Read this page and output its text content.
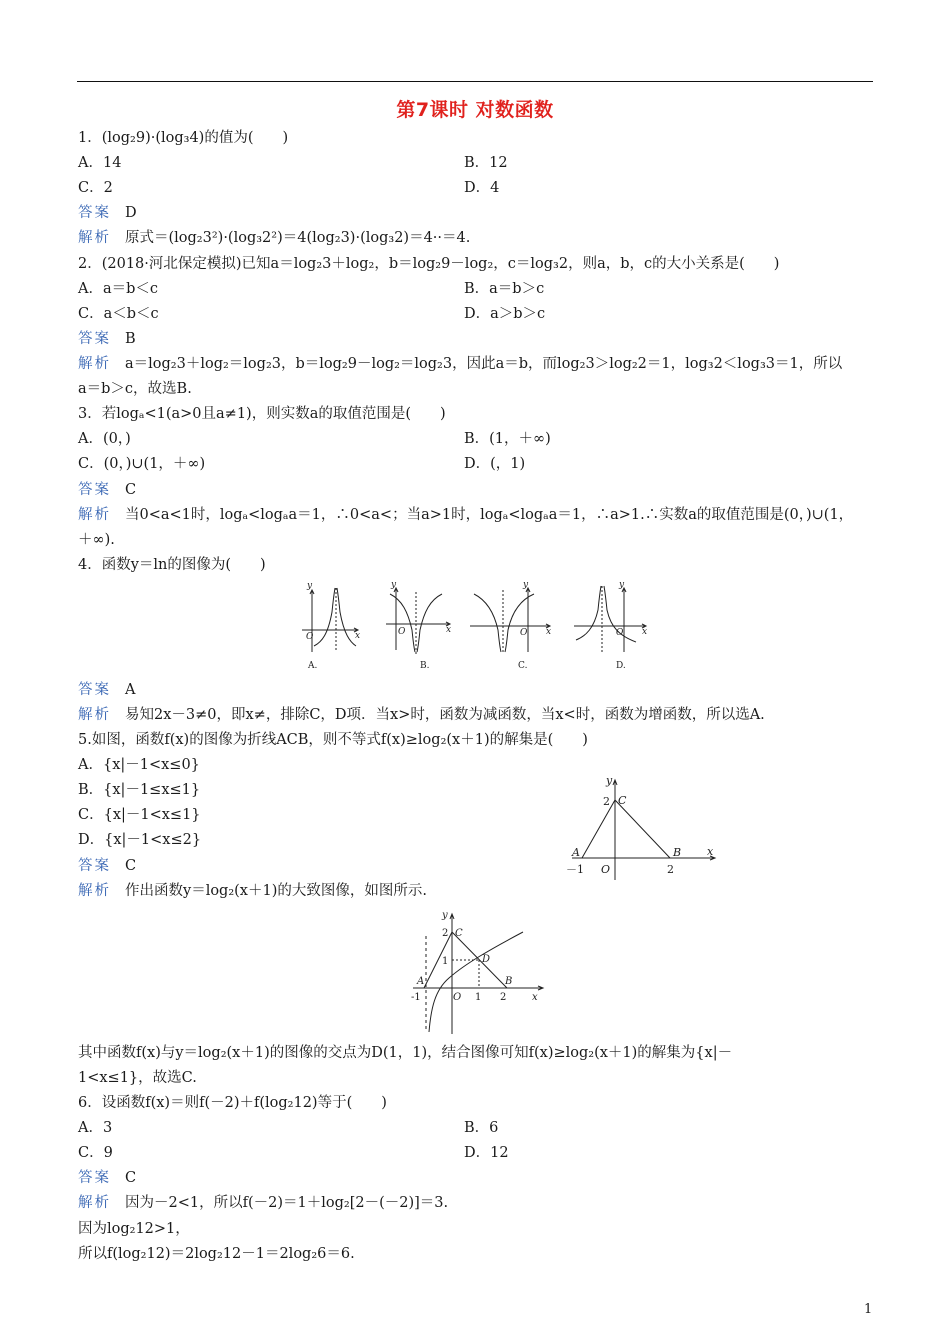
第7课时 对数函数
1．(log₂9)·(log₃4)的值为(　　)
A．14	B．12
C．2	D．4
答案 D
解析 原式＝(log₂3²)·(log₃2²)＝4(log₂3)·(log₃2)＝4··＝4.
2．(2018·河北保定模拟)已知a＝log₂3＋log₂，b＝log₂9－log₂，c＝log₃2，则a，b，c的大小关系是(　　)
A．a＝b＜c	B．a＝b＞c
C．a＜b＜c	D．a＞b＞c
答案 B
解析 a＝log₂3＋log₂＝log₂3，b＝log₂9－log₂＝log₂3，因此a＝b，而log₂3＞log₂2＝1，log₃2＜log₃3＝1，所以
a＝b＞c，故选B.
3．若logₐ<1(a>0且a≠1)，则实数a的取值范围是(　　)
A．(0，)	B．(1，＋∞)
C．(0，)∪(1，＋∞)	D．(，1)
答案 C
解析 当0<a<1时，logₐ<logₐa＝1，∴0<a<；当a>1时，logₐ<logₐa＝1，∴a>1.∴实数a的取值范围是(0，)∪(1，
＋∞).
4．函数y＝ln的图像为(　　)
y
x
O
y
x
O
y
x
O
y
x
O
A.	B.	C.	D.
答案 A
解析 易知2x－3≠0，即x≠，排除C，D项．当x>时，函数为减函数，当x<时，函数为增函数，所以选A.
5.如图，函数f(x)的图像为折线ACB，则不等式f(x)≥log₂(x＋1)的解集是(　　)
A．{x|－1<x≤0}
B．{x|－1≤x≤1}
C．{x|－1<x≤1}
D．{x|－1<x≤2}
答案 C
解析 作出函数y＝log₂(x＋1)的大致图像，如图所示.
y
x
C
2
A	B
－1 O	2
y
x
C
2
1	D
A	B
-1	O 1 2
其中函数f(x)与y＝log₂(x＋1)的图像的交点为D(1，1)，结合图像可知f(x)≥log₂(x＋1)的解集为{x|－
1<x≤1}，故选C.
6．设函数f(x)＝则f(－2)＋f(log₂12)等于(　　)
A．3	B．6
C．9	D．12
答案 C
解析 因为－2<1，所以f(－2)＝1＋log₂[2－(－2)]＝3.
因为log₂12>1，
所以f(log₂12)＝2log₂12－1＝2log₂6＝6.
1
